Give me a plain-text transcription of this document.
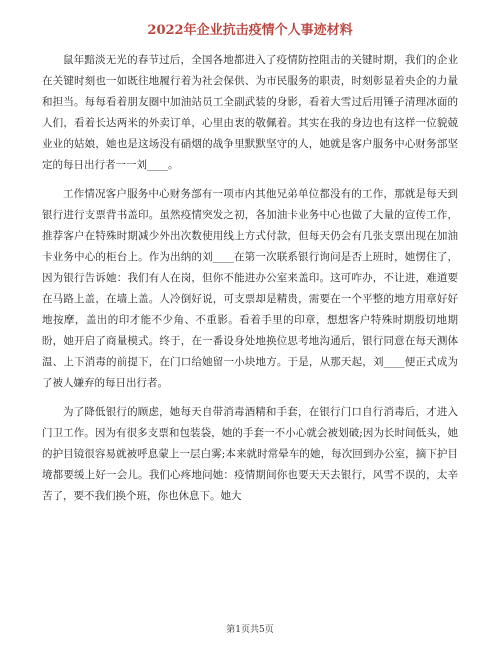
2022年企业抗击疫情个人事迹材料

鼠年黯淡无光的春节过后，全国各地都进入了疫情防控阻击的关键时期，我们的企业在关键时刻也一如既往地履行着为社会保供、为市民服务的职责，时刻彰显着央企的力量和担当。每每看着朋友圈中加油站员工全副武装的身影，看着大雪过后用锤子清理冰面的人们，看着长达两米的外卖订单，心里由衷的敬佩着。其实在我的身边也有这样一位貌兢业业的姑娘，她也是这场没有硝烟的战争里默默坚守的人，她就是客户服务中心财务部坚定的每日出行者一一刘____。

工作情况客户服务中心财务部有一项市内其他兄弟单位都没有的工作，那就是每天到银行进行支票背书盖印。虽然疫情突发之初，各加油卡业务中心也做了大量的宣传工作，推荐客户在特殊时期减少外出次数使用线上方式付款，但每天仍会有几张支票出现在加油卡业务中心的柜台上。作为出纳的刘____在第一次联系银行询问是否上班时，她愣住了，因为银行告诉她：我们有人在岗，但你不能进办公室来盖印。这可咋办，不让进，难道要在马路上盖，在墙上盖。人冷倒好说，可支票却是精贵，需要在一个平整的地方用章好好地按摩，盖出的印才能不少角、不重影。看着手里的印章，想想客户特殊时期殷切地期盼，她开启了商量模式。终于，在一番设身处地换位思考地沟通后，银行同意在每天测体温、上下消毒的前提下，在门口给她留一小块地方。于是，从那天起，刘____便正式成为了被人嫌弃的每日出行者。

为了降低银行的顾虑，她每天自带消毒酒精和手套，在银行门口自行消毒后，才进入门卫工作。因为有很多支票和包装袋，她的手套一不小心就会被划破;因为长时间低头，她的护目镜很容易就被呼息蒙上一层白雾;本来就时常晕车的她，每次回到办公室，摘下护目境都要缓上好一会儿。我们心疼地问她：疫情期间你也要天天去银行，风雪不误的，太辛苦了，要不我们换个班，你也休息下。她大

第1页共5页
